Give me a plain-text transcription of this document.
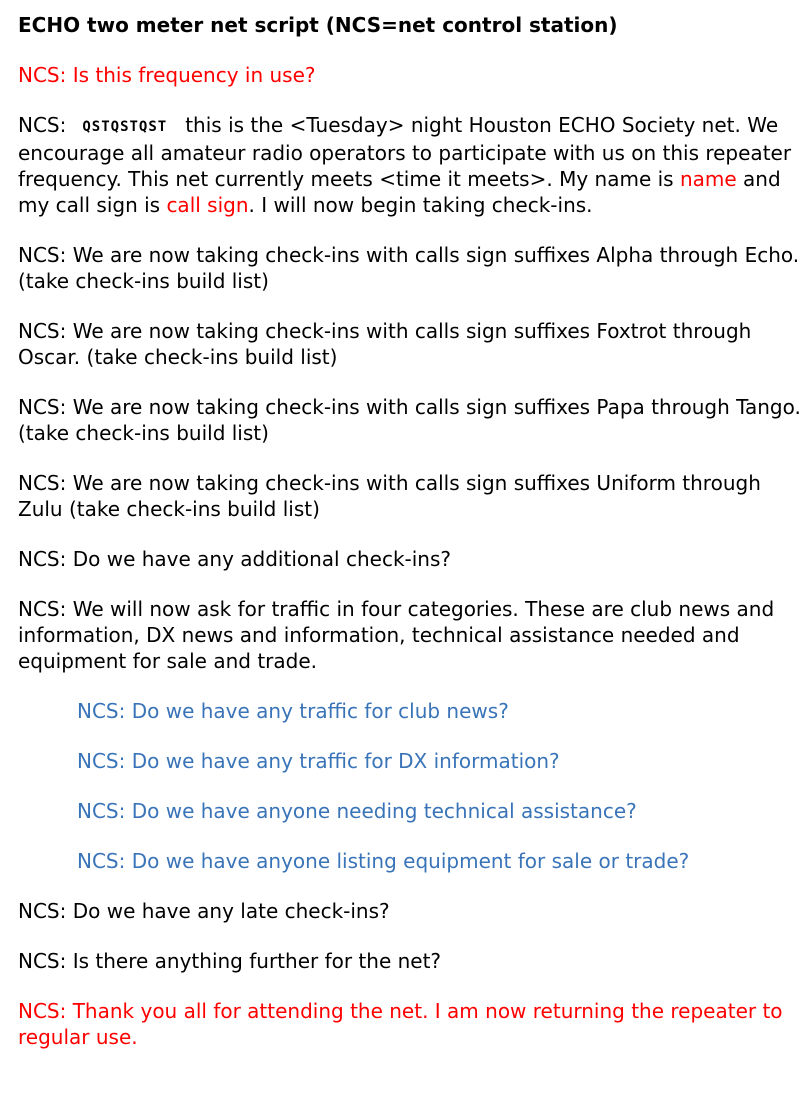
ECHO two meter net script (NCS=net control station)
NCS: Is this frequency in use?
NCS: QSTQSTQST this is the <Tuesday> night Houston ECHO Society net. We encourage all amateur radio operators to participate with us on this repeater frequency. This net currently meets <time it meets>. My name is name and my call sign is call sign. I will now begin taking check-ins.
NCS: We are now taking check-ins with calls sign suffixes Alpha through Echo. (take check-ins build list)
NCS: We are now taking check-ins with calls sign suffixes Foxtrot through Oscar. (take check-ins build list)
NCS: We are now taking check-ins with calls sign suffixes Papa through Tango. (take check-ins build list)
NCS: We are now taking check-ins with calls sign suffixes Uniform through Zulu (take check-ins build list)
NCS: Do we have any additional check-ins?
NCS: We will now ask for traffic in four categories. These are club news and information, DX news and information, technical assistance needed and equipment for sale and trade.
NCS: Do we have any traffic for club news?
NCS: Do we have any traffic for DX information?
NCS: Do we have anyone needing technical assistance?
NCS: Do we have anyone listing equipment for sale or trade?
NCS: Do we have any late check-ins?
NCS: Is there anything further for the net?
NCS: Thank you all for attending the net. I am now returning the repeater to regular use.
